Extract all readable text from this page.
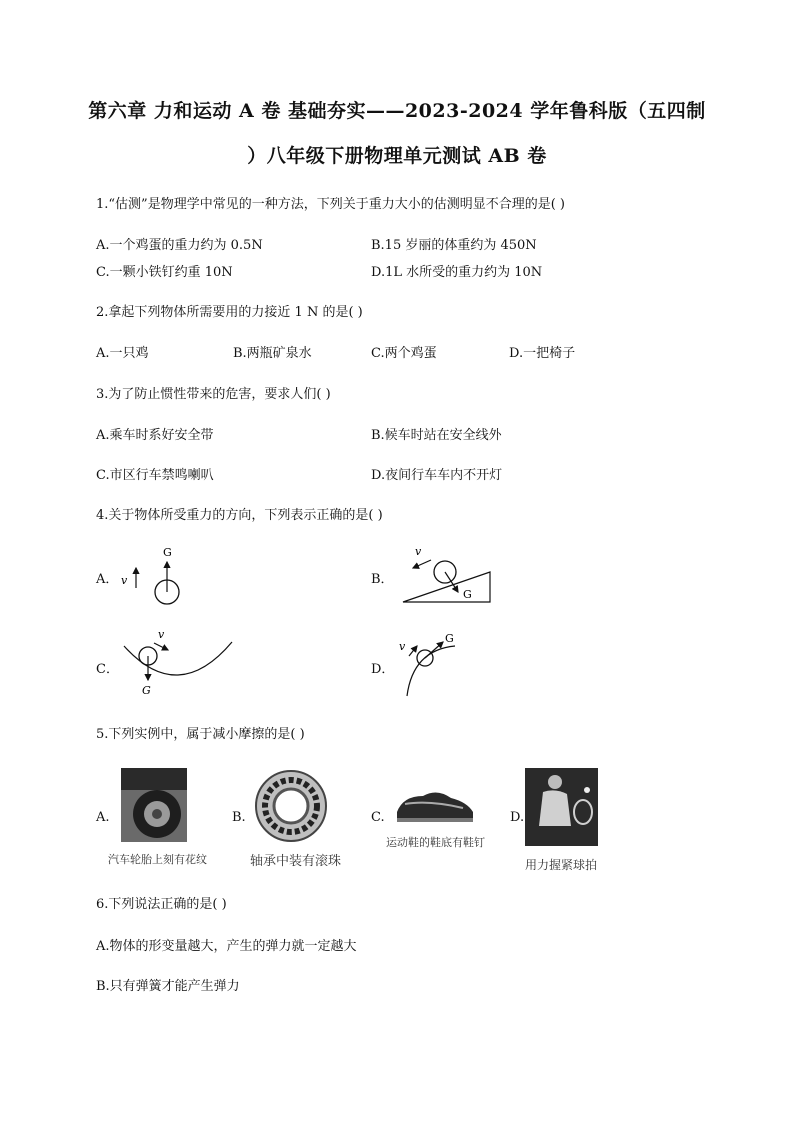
第六章 力和运动 A 卷 基础夯实——2023-2024 学年鲁科版（五四制
）八年级下册物理单元测试 AB 卷
1.“估测”是物理学中常见的一种方法，下列关于重力大小的估测明显不合理的是( )
A.一个鸡蛋的重力约为 0.5N	B.15 岁丽的体重约为 450N
C.一颗小铁钉约重 10N	D.1L 水所受的重力约为 10N
2.拿起下列物体所需要用的力接近 1 N 的是( )
A.一只鸡	B.两瓶矿泉水	C.两个鸡蛋	D.一把椅子
3.为了防止惯性带来的危害，要求人们( )
A.乘车时系好安全带	B.候车时站在安全线外
C.市区行车禁鸣喇叭	D.夜间行车车内不开灯
4.关于物体所受重力的方向，下列表示正确的是( )
A． v
G
B．
G
v
C．
G
v
D．
G
v
5.下列实例中，属于减小摩擦的是( )
A.
汽车轮胎上刻有花纹
B.
轴承中装有滚珠
C.
运动鞋的鞋底有鞋钉
D.
用力握紧球拍
6.下列说法正确的是( )
A.物体的形变量越大，产生的弹力就一定越大
B.只有弹簧才能产生弹力
